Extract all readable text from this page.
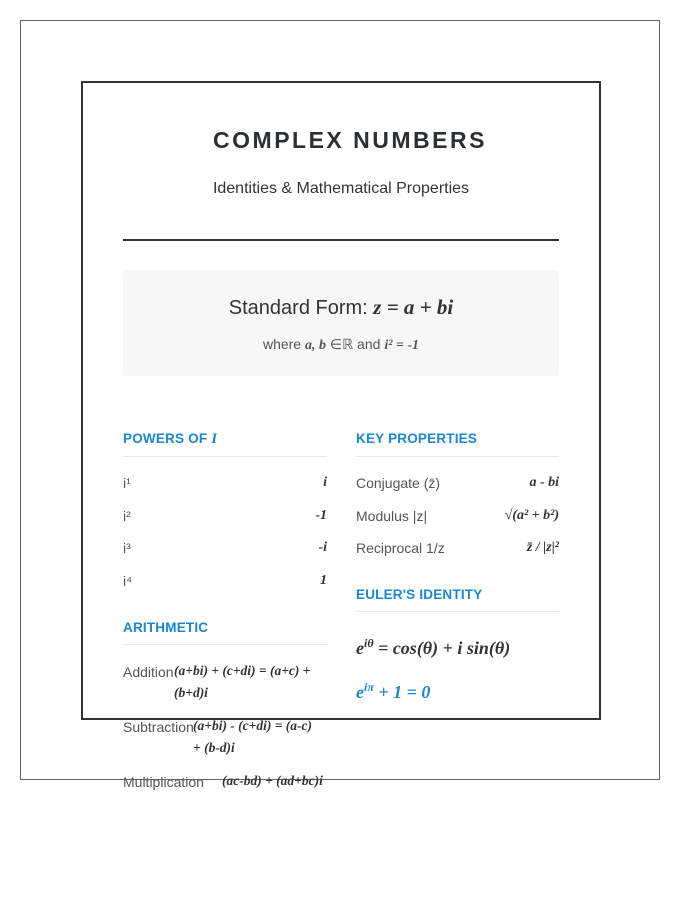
COMPLEX NUMBERS
Identities & Mathematical Properties
Standard Form: z = a + bi
where a, b ∈ℝ and i² = -1
POWERS OF I
i¹	i
i²	-1
i³	-i
i⁴	1
KEY PROPERTIES
Conjugate (z̄)	a - bi
Modulus |z|	√(a² + b²)
Reciprocal 1/z	z̄ / |z|²
ARITHMETIC
Addition (a+bi) + (c+di) = (a+c) +
(b+d)i
Subtraction (a+bi) - (c+di) = (a-c)
+ (b-d)i
Multiplication (ac-bd) + (ad+bc)i
EULER'S IDENTITY
$e^{i\theta} = \cos(\theta) + i$ sin(θ)
$e^{i\pi} + 1 = 0$
